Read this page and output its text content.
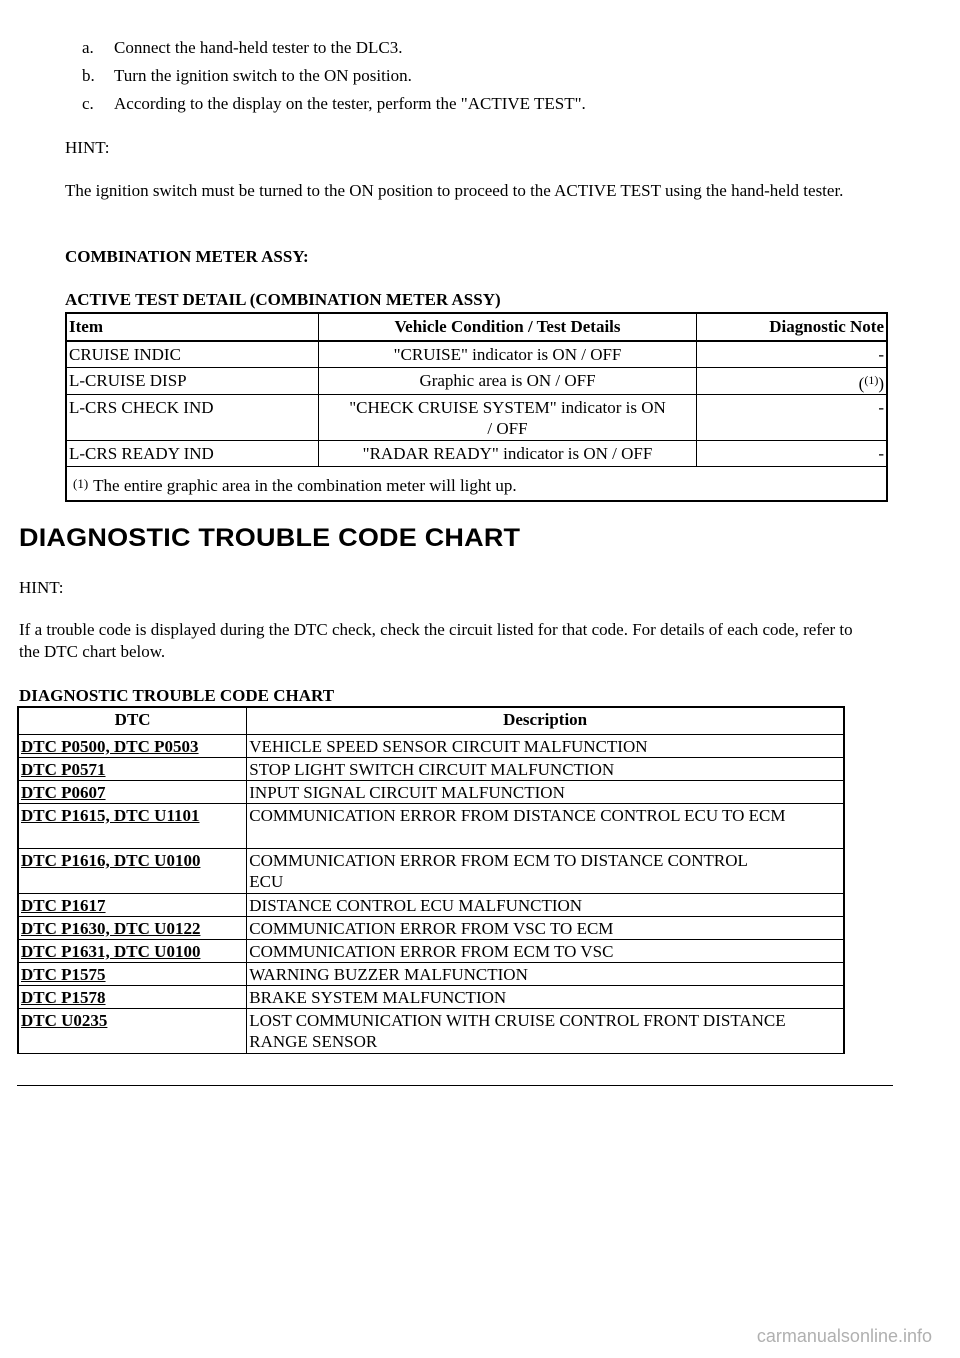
a. Connect the hand-held tester to the DLC3.
b. Turn the ignition switch to the ON position.
c. According to the display on the tester, perform the "ACTIVE TEST".
HINT:
The ignition switch must be turned to the ON position to proceed to the ACTIVE TEST using the hand-held tester.
COMBINATION METER ASSY:
ACTIVE TEST DETAIL (COMBINATION METER ASSY)
Item	Vehicle Condition / Test Details	Diagnostic Note
CRUISE INDIC	"CRUISE" indicator is ON / OFF	-
L-CRUISE DISP	Graphic area is ON / OFF	($^{(1)}$)
L-CRS CHECK IND	"CHECK CRUISE SYSTEM" indicator is ON / OFF	-
L-CRS READY IND	"RADAR READY" indicator is ON / OFF	-
(1) The entire graphic area in the combination meter will light up.		
DIAGNOSTIC TROUBLE CODE CHART
HINT:
If a trouble code is displayed during the DTC check, check the circuit listed for that code. For details of each code, refer to the DTC chart below.
DIAGNOSTIC TROUBLE CODE CHART
DTC	Description
DTC P0500, DTC P0503	VEHICLE SPEED SENSOR CIRCUIT MALFUNCTION
DTC P0571	STOP LIGHT SWITCH CIRCUIT MALFUNCTION
DTC P0607	INPUT SIGNAL CIRCUIT MALFUNCTION
DTC P1615, DTC U1101	COMMUNICATION ERROR FROM DISTANCE CONTROL ECU TO ECM
DTC P1616, DTC U0100	COMMUNICATION ERROR FROM ECM TO DISTANCE CONTROL ECU
DTC P1617	DISTANCE CONTROL ECU MALFUNCTION
DTC P1630, DTC U0122	COMMUNICATION ERROR FROM VSC TO ECM
DTC P1631, DTC U0100	COMMUNICATION ERROR FROM ECM TO VSC
DTC P1575	WARNING BUZZER MALFUNCTION
DTC P1578	BRAKE SYSTEM MALFUNCTION
DTC U0235	LOST COMMUNICATION WITH CRUISE CONTROL FRONT DISTANCE RANGE SENSOR
carmanualsonline.info
